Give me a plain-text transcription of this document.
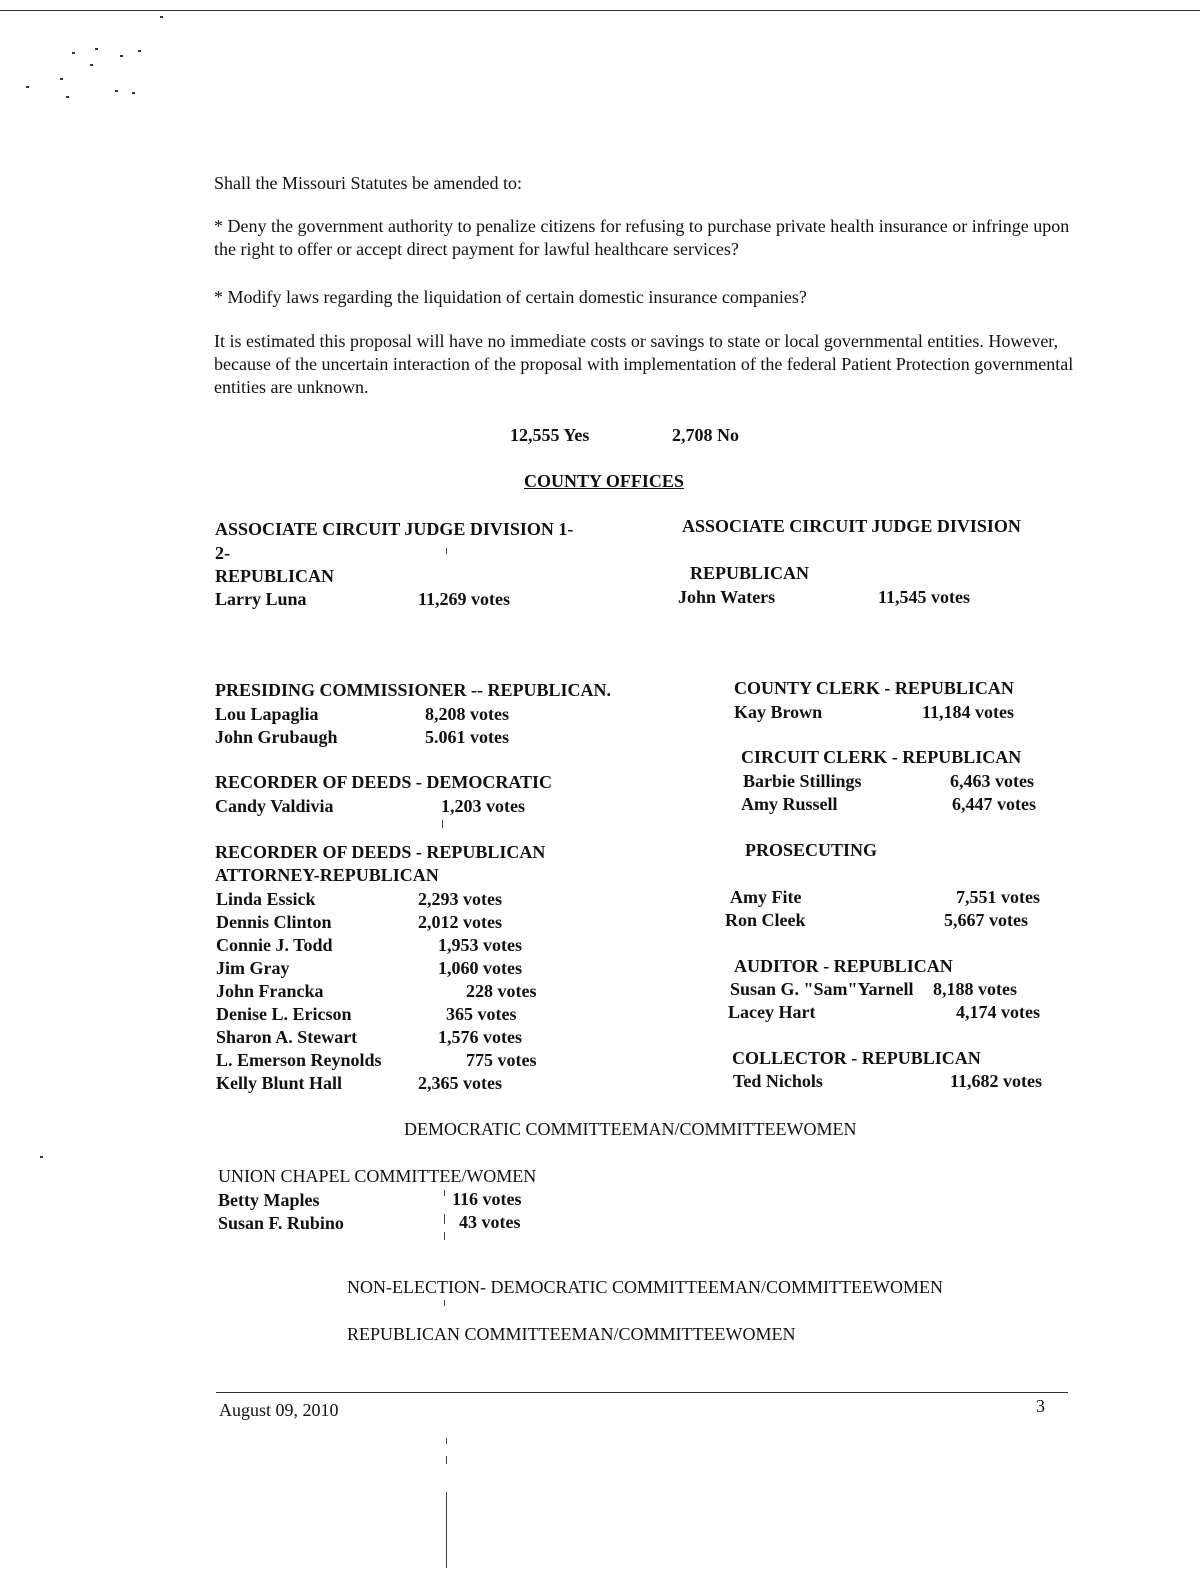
Shall the Missouri Statutes be amended to:
* Deny the government authority to penalize citizens for refusing to purchase private health insurance or infringe upon the right to offer or accept direct payment for lawful healthcare services?
* Modify laws regarding the liquidation of certain domestic insurance companies?
It is estimated this proposal will have no immediate costs or savings to state or local governmental entities. However, because of the uncertain interaction of the proposal with implementation of the federal Patient Protection governmental entities are unknown.
12,555 Yes	2,708 No
COUNTY OFFICES
ASSOCIATE CIRCUIT JUDGE DIVISION 1-
2-
REPUBLICAN
Larry Luna	11,269 votes
ASSOCIATE CIRCUIT JUDGE DIVISION
REPUBLICAN
John Waters	11,545 votes
PRESIDING COMMISSIONER -- REPUBLICAN.
Lou Lapaglia	8,208 votes
John Grubaugh	5.061 votes
COUNTY CLERK - REPUBLICAN
Kay Brown	11,184 votes
CIRCUIT CLERK - REPUBLICAN
Barbie Stillings	6,463 votes
Amy Russell	6,447 votes
RECORDER OF DEEDS - DEMOCRATIC
Candy Valdivia	1,203 votes
RECORDER OF DEEDS - REPUBLICAN
ATTORNEY-REPUBLICAN
Linda Essick	2,293 votes
Dennis Clinton	2,012 votes
Connie J. Todd	1,953 votes
Jim Gray	1,060 votes
John Francka	228 votes
Denise L. Ericson	365 votes
Sharon A. Stewart	1,576 votes
L. Emerson Reynolds	775 votes
Kelly Blunt Hall	2,365 votes
PROSECUTING
Amy Fite	7,551 votes
Ron Cleek	5,667 votes
AUDITOR - REPUBLICAN
Susan G. "Sam"Yarnell 8,188 votes
Lacey Hart	4,174 votes
COLLECTOR - REPUBLICAN
Ted Nichols	11,682 votes
DEMOCRATIC COMMITTEEMAN/COMMITTEEWOMEN
UNION CHAPEL COMMITTEE/WOMEN
Betty Maples	116 votes
Susan F. Rubino	43 votes
NON-ELECTION- DEMOCRATIC COMMITTEEMAN/COMMITTEEWOMEN
REPUBLICAN COMMITTEEMAN/COMMITTEEWOMEN
August 09, 2010	3
